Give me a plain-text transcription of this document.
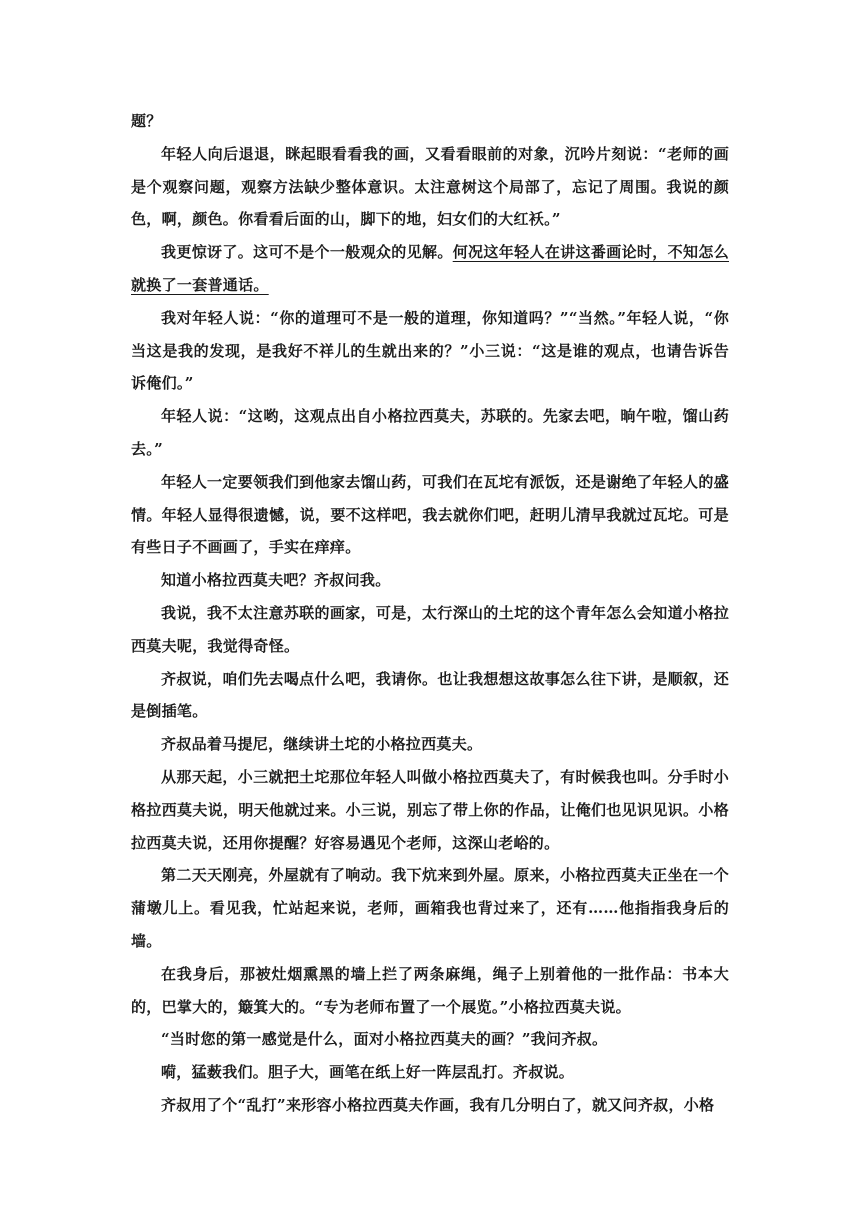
题？

年轻人向后退退，眯起眼看看我的画，又看看眼前的对象，沉吟片刻说：“老师的画是个观察问题，观察方法缺少整体意识。太注意树这个局部了，忘记了周围。我说的颜色，啊，颜色。你看看后面的山，脚下的地，妇女们的大红袄。”

我更惊讶了。这可不是个一般观众的见解。何况这年轻人在讲这番画论时，不知怎么就换了一套普通话。

我对年轻人说：“你的道理可不是一般的道理，你知道吗？”“当然。”年轻人说，“你当这是我的发现，是我好不祥儿的生就出来的？”小三说：“这是谁的观点，也请告诉告诉俺们。”

年轻人说：“这哟，这观点出自小格拉西莫夫，苏联的。先家去吧，晌午啦，馏山药去。”

年轻人一定要领我们到他家去馏山药，可我们在瓦坨有派饭，还是谢绝了年轻人的盛情。年轻人显得很遗憾，说，要不这样吧，我去就你们吧，赶明儿清早我就过瓦坨。可是有些日子不画画了，手实在痒痒。

知道小格拉西莫夫吧？齐叔问我。

我说，我不太注意苏联的画家，可是，太行深山的土坨的这个青年怎么会知道小格拉西莫夫呢，我觉得奇怪。

齐叔说，咱们先去喝点什么吧，我请你。也让我想想这故事怎么往下讲，是顺叙，还是倒插笔。

齐叔品着马提尼，继续讲土坨的小格拉西莫夫。

从那天起，小三就把土坨那位年轻人叫做小格拉西莫夫了，有时候我也叫。分手时小格拉西莫夫说，明天他就过来。小三说，别忘了带上你的作品，让俺们也见识见识。小格拉西莫夫说，还用你提醒？好容易遇见个老师，这深山老峪的。

第二天天刚亮，外屋就有了响动。我下炕来到外屋。原来，小格拉西莫夫正坐在一个蒲墩儿上。看见我，忙站起来说，老师，画箱我也背过来了，还有……他指指我身后的墙。

在我身后，那被灶烟熏黑的墙上拦了两条麻绳，绳子上别着他的一批作品：书本大的，巴掌大的，簸箕大的。“专为老师布置了一个展览。”小格拉西莫夫说。

“当时您的第一感觉是什么，面对小格拉西莫夫的画？”我问齐叔。

嗬，猛薮我们。胆子大，画笔在纸上好一阵层乱打。齐叔说。

齐叔用了个“乱打”来形容小格拉西莫夫作画，我有几分明白了，就又问齐叔，小格
